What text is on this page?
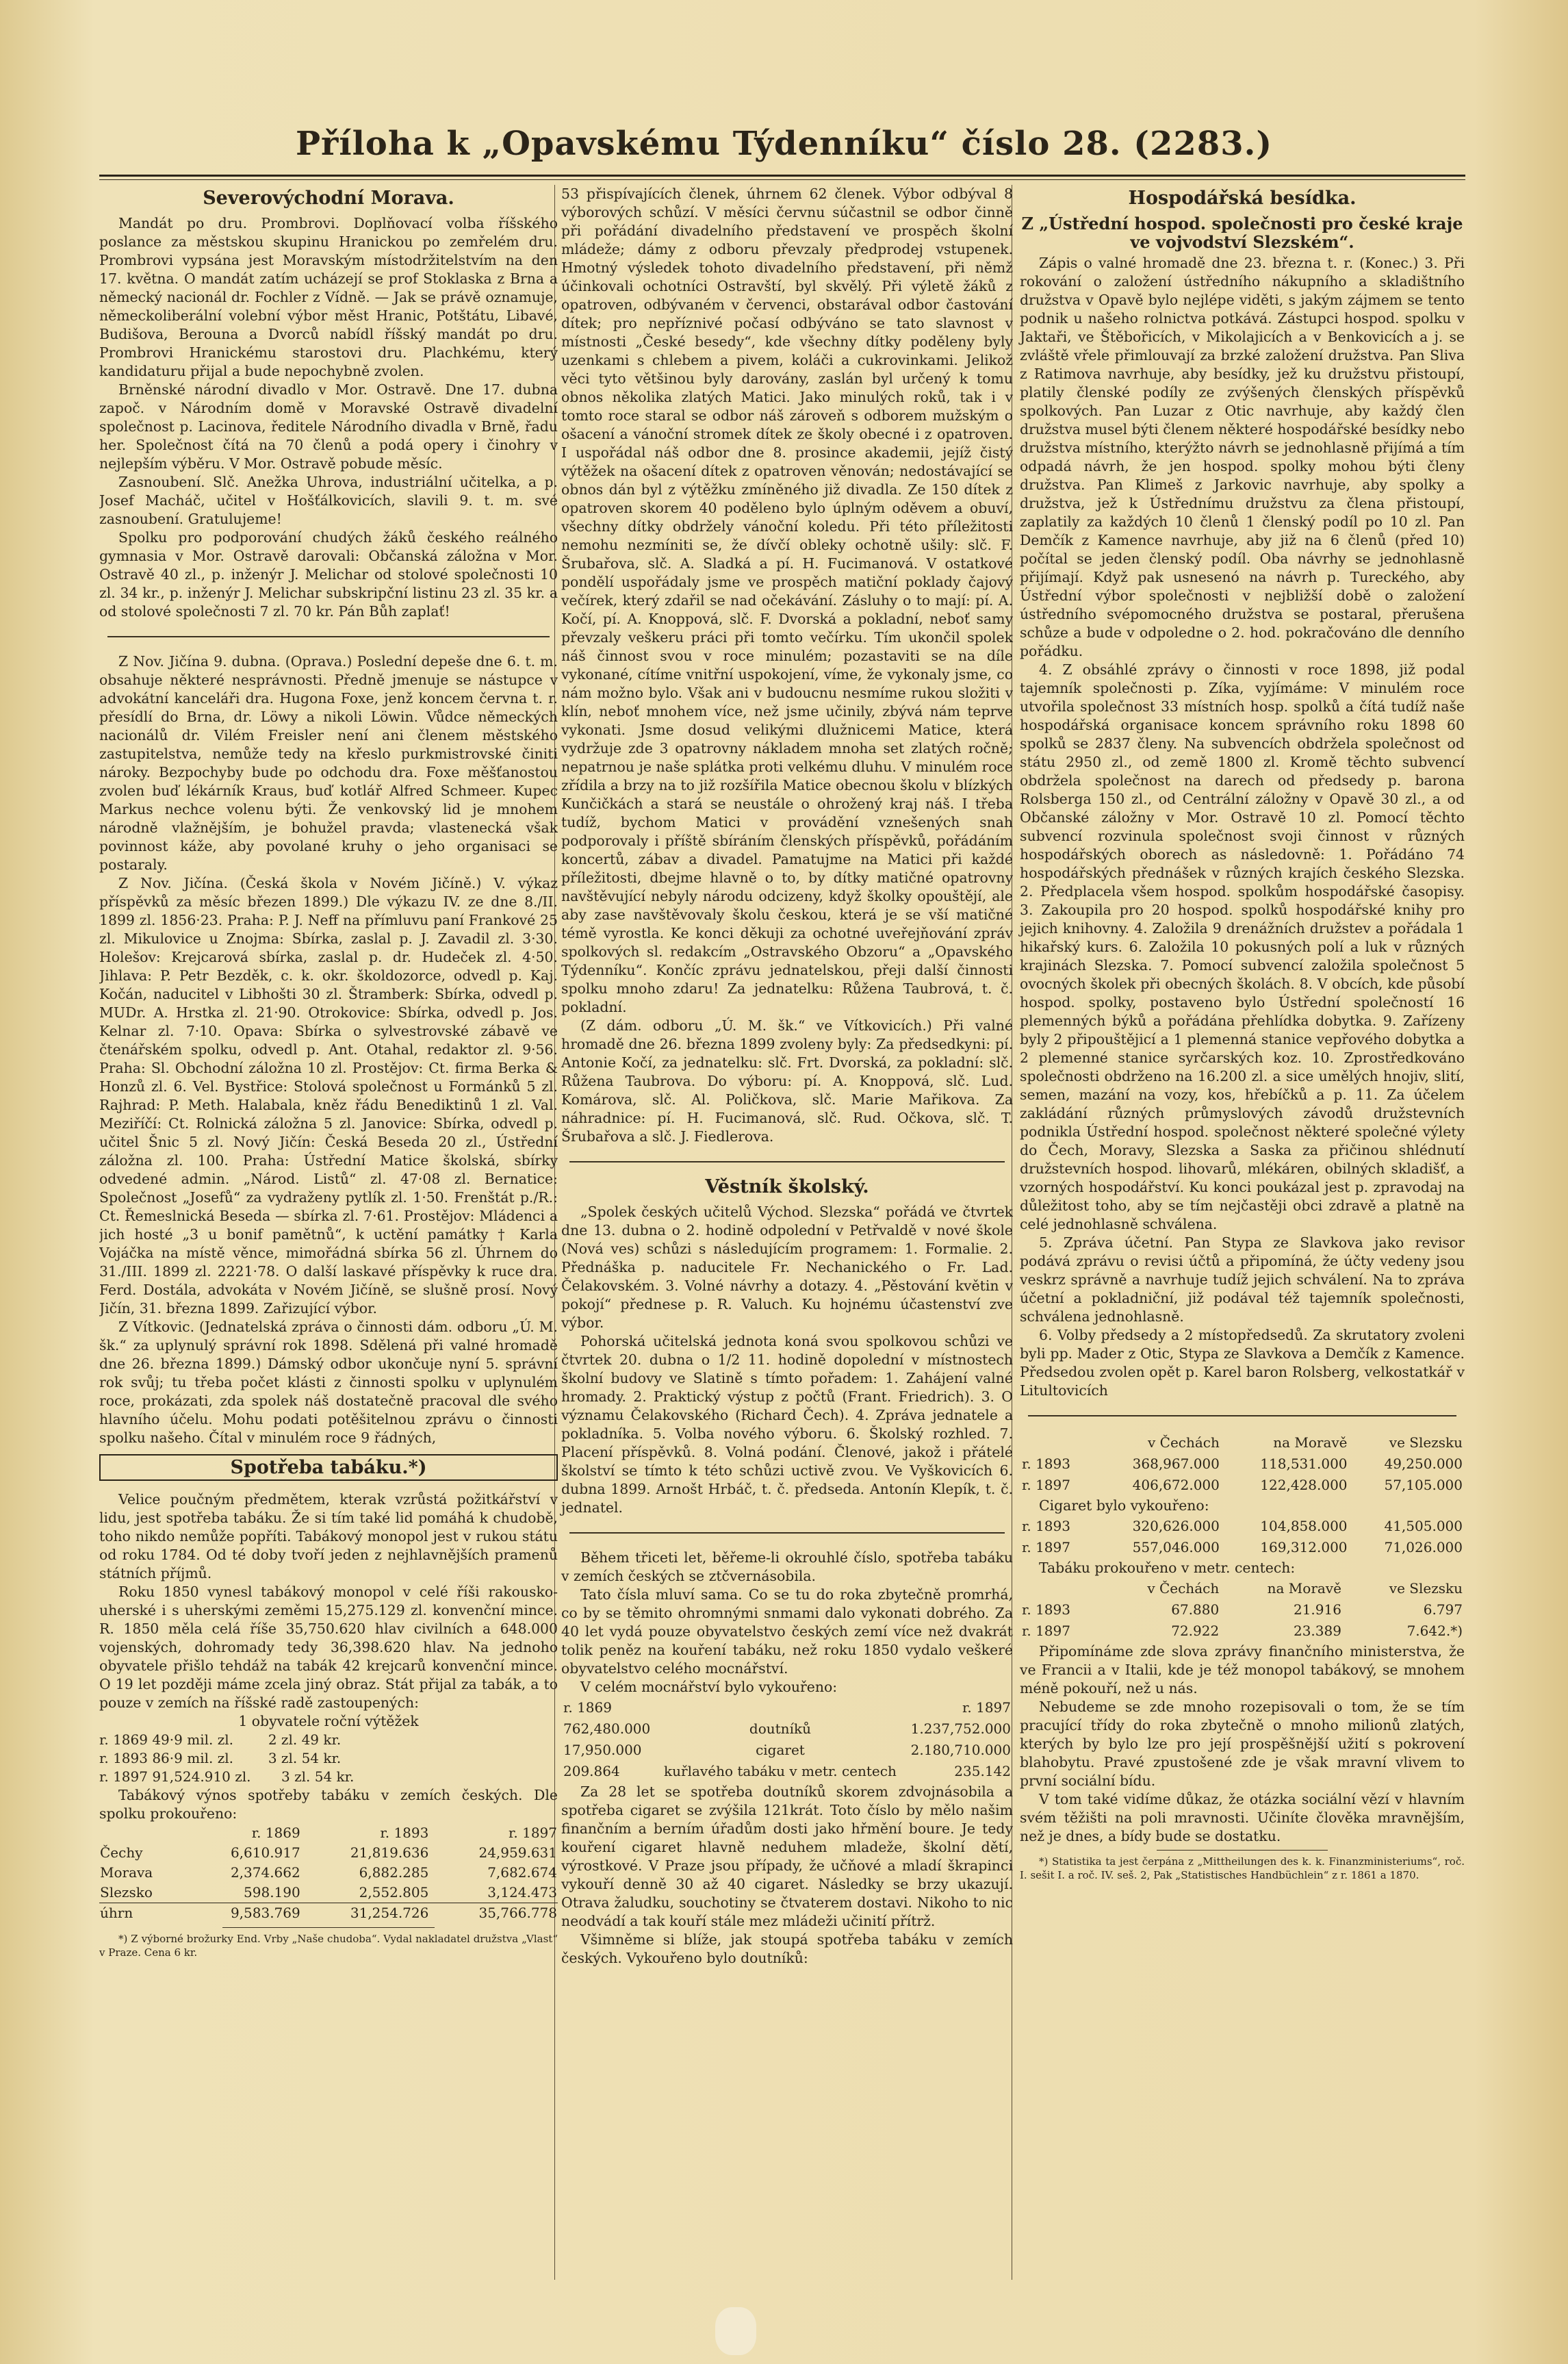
Příloha k „Opavskému Týdenníku“ číslo 28. (2283.)
Severovýchodní Morava.

Mandát po dru. Prombrovi. Doplňovací volba říšského poslance za městskou skupinu Hranickou po zemřelém dru. Prombrovi vypsána jest Moravským místodržitelstvím na den 17. května. O mandát zatím ucházejí se prof Stoklaska z Brna a německý nacionál dr. Fochler z Vídně. — Jak se právě oznamuje, německoliberální volební výbor měst Hranic, Potštátu, Libavé, Budišova, Berouna a Dvorců nabídl říšský mandát po dru. Prombrovi Hranickému starostovi dru. Plachkému, který kandidaturu přijal a bude nepochybně zvolen.

Brněnské národní divadlo v Mor. Ostravě. Dne 17. dubna započ. v Národním domě v Moravské Ostravě divadelní společnost p. Lacinova, ředitele Národního divadla v Brně, řadu her. Společnost čítá na 70 členů a podá opery i činohry v nejlepším výběru. V Mor. Ostravě pobude měsíc.

Zasnoubení. Slč. Anežka Uhrova, industriální učitelka, a p. Josef Macháč, učitel v Hošťálkovicích, slavili 9. t. m. své zasnoubení. Gratulujeme!

Spolku pro podporování chudých žáků českého reálného gymnasia v Mor. Ostravě darovali: Občanská záložna v Mor. Ostravě 40 zl., p. inženýr J. Melichar od stolové společnosti 10 zl. 34 kr., p. inženýr J. Melichar subskripční listinu 23 zl. 35 kr. a od stolové společnosti 7 zl. 70 kr. Pán Bůh zaplať!

Z Nov. Jičína 9. dubna. (Oprava.) Poslední depeše dne 6. t. m. obsahuje některé nesprávnosti. Předně jmenuje se nástupce v advokátní kanceláři dra. Hugona Foxe, jenž koncem června t. r. přesídlí do Brna, dr. Löwy a nikoli Löwin. Vůdce německých nacionálů dr. Vilém Freisler není ani členem městského zastupitelstva, nemůže tedy na křeslo purkmistrovské činiti nároky. Bezpochyby bude po odchodu dra. Foxe měšťanostou zvolen buď lékárník Kraus, buď kotlář Alfred Schmeer. Kupec Markus nechce volenu býti. Že venkovský lid je mnohem národně vlažnějším, je bohužel pravda; vlastenecká však povinnost káže, aby povolané kruhy o jeho organisaci se postaraly.

Z Nov. Jičína. (Česká škola v Novém Jičíně.) V. výkaz příspěvků za měsíc březen 1899.) Dle výkazu IV. ze dne 8./II. 1899 zl. 1856·23. Praha: P. J. Neff na přímluvu paní Frankové 25 zl. Mikulovice u Znojma: Sbírka, zaslal p. J. Zavadil zl. 3·30. Holešov: Krejcarová sbírka, zaslal p. dr. Hudeček zl. 4·50. Jihlava: P. Petr Bezděk, c. k. okr. školdozorce, odvedl p. Kaj. Kočán, naducitel v Libhošti 30 zl. Štramberk: Sbírka, odvedl p. MUDr. A. Hrstka zl. 21·90. Otrokovice: Sbírka, odvedl p. Jos. Kelnar zl. 7·10. Opava: Sbírka o sylvestrovské zábavě ve čtenářském spolku, odvedl p. Ant. Otahal, redaktor zl. 9·56. Praha: Sl. Obchodní záložna 10 zl. Prostějov: Ct. firma Berka & Honzů zl. 6. Vel. Bystřice: Stolová společnost u Formánků 5 zl. Rajhrad: P. Meth. Halabala, kněz řádu Benediktinů 1 zl. Val. Meziříčí: Ct. Rolnická záložna 5 zl. Janovice: Sbírka, odvedl p. učitel Šnic 5 zl. Nový Jičín: Česká Beseda 20 zl., Ústřední záložna zl. 100. Praha: Ústřední Matice školská, sbírky odvedené admin. „Národ. Listů“ zl. 47·08 zl. Bernatice: Společnost „Josefů“ za vydraženy pytlík zl. 1·50. Frenštát p./R.: Ct. Řemeslnická Beseda — sbírka zl. 7·61. Prostějov: Mládenci a jich hosté „3 u bonif pamětnů“, k uctění památky † Karla Vojáčka na místě věnce, mimořádná sbírka 56 zl. Úhrnem do 31./III. 1899 zl. 2221·78. O další laskavé příspěvky k ruce dra. Ferd. Dostála, advokáta v Novém Jičíně, se slušně prosí. Nový Jičín, 31. března 1899. Zařizující výbor.

Z Vítkovic. (Jednatelská zpráva o činnosti dám. odboru „Ú. M. šk.“ za uplynulý správní rok 1898. Sdělená při valné hromadě dne 26. března 1899.) Dámský odbor ukončuje nyní 5. správní rok svůj; tu třeba počet klásti z činnosti spolku v uplynulém roce, prokázati, zda spolek náš dostatečně pracoval dle svého hlavního účelu. Mohu podati potěšitelnou zprávu o činnosti spolku našeho. Čítal v minulém roce 9 řádných,

Spotřeba tabáku.*)

Velice poučným předmětem, kterak vzrůstá požitkářství v lidu, jest spotřeba tabáku. Že si tím také lid pomáhá k chudobě, toho nikdo nemůže popříti. Tabákový monopol jest v rukou státu od roku 1784. Od té doby tvoří jeden z nejhlavnějších pramenů státních příjmů.

Roku 1850 vynesl tabákový monopol v celé říši rakousko-uherské i s uherskými zeměmi 15,275.129 zl. konvenční mince. R. 1850 měla celá říše 35,750.620 hlav civilních a 648.000 vojenských, dohromady tedy 36,398.620 hlav. Na jednoho obyvatele přišlo tehdáž na tabák 42 krejcarů konvenční mince. O 19 let později máme zcela jiný obraz. Stát přijal za tabák, a to pouze v zemích na říšské radě zastoupených:

1 obyvatele roční výtěžek

r. 1869 49·9 mil. zl.        2 zl. 49 kr.
r. 1893 86·9 mil. zl.        3 zl. 54 kr.
r. 1897 91,524.910 zl.       3 zl. 54 kr.

Tabákový výnos spotřeby tabáku v zemích českých. Dle spolku prokouřeno:

	r. 1869	r. 1893	r. 1897
Čechy	6,610.917	21,819.636	24,959.631
Morava	2,374.662	6,882.285	7,682.674
Slezsko	598.190	2,552.805	3,124.473
úhrn	9,583.769	31,254.726	35,766.778

*) Z výborné brožurky End. Vrby „Naše chudoba“. Vydal nakladatel družstva „Vlast“ v Praze. Cena 6 kr.

53 přispívajících členek, úhrnem 62 členek. Výbor odbýval 8 výborových schůzí. V měsíci červnu súčastnil se odbor činně při pořádání divadelního představení ve prospěch školní mládeže; dámy z odboru převzaly předprodej vstupenek. Hmotný výsledek tohoto divadelního představení, při němž účinkovali ochotníci Ostravští, byl skvělý. Při výletě žáků z opatroven, odbývaném v červenci, obstarával odbor častování dítek; pro nepříznivé počasí odbýváno se tato slavnost v místnosti „České besedy“, kde všechny dítky poděleny byly uzenkami s chlebem a pivem, koláči a cukrovinkami. Jelikož věci tyto většinou byly darovány, zaslán byl určený k tomu obnos několika zlatých Matici. Jako minulých roků, tak i v tomto roce staral se odbor náš zároveň s odborem mužským o ošacení a vánoční stromek dítek ze školy obecné i z opatroven. I uspořádal náš odbor dne 8. prosince akademii, jejíž čistý výtěžek na ošacení dítek z opatroven věnován; nedostávající se obnos dán byl z výtěžku zmíněného již divadla. Ze 150 dítek z opatroven skorem 40 poděleno bylo úplným oděvem a obuví, všechny dítky obdržely vánoční koledu. Při této příležitosti nemohu nezmíniti se, že dívčí obleky ochotně ušily: slč. F. Šrubařova, slč. A. Sladká a pí. H. Fucimanová. V ostatkové pondělí uspořádaly jsme ve prospěch matiční poklady čajový večírek, který zdařil se nad očekávání. Zásluhy o to mají: pí. A. Kočí, pí. A. Knoppová, slč. F. Dvorská a pokladní, neboť samy převzaly veškeru práci při tomto večírku. Tím ukončil spolek náš činnost svou v roce minulém; pozastaviti se na díle vykonané, cítíme vnitřní uspokojení, víme, že vykonaly jsme, co nám možno bylo. Však ani v budoucnu nesmíme rukou složiti v klín, neboť mnohem více, než jsme učinily, zbývá nám teprve vykonati. Jsme dosud velikými dlužnicemi Matice, která vydržuje zde 3 opatrovny nákladem mnoha set zlatých ročně; nepatrnou je naše splátka proti velkému dluhu. V minulém roce zřídila a brzy na to již rozšířila Matice obecnou školu v blízkých Kunčičkách a stará se neustále o ohrožený kraj náš. I třeba tudíž, bychom Matici v provádění vznešených snah podporovaly i příště sbíráním členských příspěvků, pořádáním koncertů, zábav a divadel. Pamatujme na Matici při každé příležitosti, dbejme hlavně o to, by dítky matičné opatrovny navštěvující nebyly národu odcizeny, když školky opouštějí, ale aby zase navštěvovaly školu českou, která je se vší matičné témě vyrostla. Ke konci děkuji za ochotné uveřejňování zpráv spolkových sl. redakcím „Ostravského Obzoru“ a „Opavského Týdenníku“. Končíc zprávu jednatelskou, přeji další činnosti spolku mnoho zdaru! Za jednatelku: Růžena Taubrová, t. č. pokladní.

(Z dám. odboru „Ú. M. šk.“ ve Vítkovicích.) Při valné hromadě dne 26. března 1899 zvoleny byly: Za předsedkyni: pí. Antonie Kočí, za jednatelku: slč. Frt. Dvorská, za pokladní: slč. Růžena Taubrova. Do výboru: pí. A. Knoppová, slč. Lud. Komárova, slč. Al. Poličkova, slč. Marie Mařikova. Za náhradnice: pí. H. Fucimanová, slč. Rud. Očkova, slč. T. Šrubařova a slč. J. Fiedlerova.

Věstník školský.

„Spolek českých učitelů Východ. Slezska“ pořádá ve čtvrtek dne 13. dubna o 2. hodině odpolední v Petřvaldě v nové škole (Nová ves) schůzi s následujícím programem: 1. Formalie. 2. Přednáška p. naducitele Fr. Nechanického o Fr. Lad. Čelakovském. 3. Volné návrhy a dotazy. 4. „Pěstování květin v pokojí“ přednese p. R. Valuch. Ku hojnému účastenství zve výbor.

Pohorská učitelská jednota koná svou spolkovou schůzi ve čtvrtek 20. dubna o 1/2 11. hodině dopolední v místnostech školní budovy ve Slatině s tímto pořadem: 1. Zahájení valné hromady. 2. Praktický výstup z počtů (Frant. Friedrich). 3. O významu Čelakovského (Richard Čech). 4. Zpráva jednatele a pokladníka. 5. Volba nového výboru. 6. Školský rozhled. 7. Placení příspěvků. 8. Volná podání. Členové, jakož i přátelé školství se tímto k této schůzi uctivě zvou. Ve Vyškovicích 6. dubna 1899. Arnošt Hrbáč, t. č. předseda. Antonín Klepík, t. č. jednatel.

Během třiceti let, běřeme-li okrouhlé číslo, spotřeba tabáku v zemích českých se ztčvernásobila.

Tato čísla mluví sama. Co se tu do roka zbytečně promrhá, co by se těmito ohromnými snmami dalo vykonati dobrého. Za 40 let vydá pouze obyvatelstvo českých zemí více než dvakrát tolik peněz na kouření tabáku, než roku 1850 vydalo veškeré obyvatelstvo celého mocnářství.

V celém mocnářství bylo vykouřeno:

r. 1869		r. 1897
762,480.000	doutníků	1.237,752.000
17,950.000	cigaret	2.180,710.000
209.864	kuřlavého tabáku v metr. centech	235.142

Za 28 let se spotřeba doutníků skorem zdvojnásobila a spotřeba cigaret se zvýšila 121krát. Toto číslo by mělo našim finančním a berním úřadům dosti jako hřmění boure. Je tedy kouření cigaret hlavně neduhem mladeže, školní dětí, výrostkové. V Praze jsou případy, že učňové a mladí škrapinci vykouří denně 30 až 40 cigaret. Následky se brzy ukazují. Otrava žaludku, souchotiny se čtvaterem dostavi. Nikoho to nic neodvádí a tak kouří stále mez mládeži učinití přítrž.

Všimněme si blíže, jak stoupá spotřeba tabáku v zemích českých. Vykouřeno bylo doutníků:

Hospodářská besídka.
Z „Ústřední hospod. společnosti pro české kraje ve vojvodství Slezském“.

Zápis o valné hromadě dne 23. března t. r. (Konec.) 3. Při rokování o založení ústředního nákupního a skladištního družstva v Opavě bylo nejlépe viděti, s jakým zájmem se tento podnik u našeho rolnictva potkává. Zástupci hospod. spolku v Jaktaři, ve Štěbořicích, v Mikolajicích a v Benkovicích a j. se zvláště vřele přimlouvají za brzké založení družstva. Pan Sliva z Ratimova navrhuje, aby besídky, jež ku družstvu přistoupí, platily členské podíly ze zvýšených členských příspěvků spolkových. Pan Luzar z Otic navrhuje, aby každý člen družstva musel býti členem některé hospodářské besídky nebo družstva místního, kterýžto návrh se jednohlasně přijímá a tím odpadá návrh, že jen hospod. spolky mohou býti členy družstva. Pan Klimeš z Jarkovic navrhuje, aby spolky a družstva, jež k Ústřednímu družstvu za člena přistoupí, zaplatily za každých 10 členů 1 členský podíl po 10 zl. Pan Demčík z Kamence navrhuje, aby již na 6 členů (před 10) počítal se jeden členský podíl. Oba návrhy se jednohlasně přijímají. Když pak usnesenó na návrh p. Tureckého, aby Ústřední výbor společnosti v nejbližší době o založení ústředního svépomocného družstva se postaral, přerušena schůze a bude v odpoledne o 2. hod. pokračováno dle denního pořádku.

4. Z obsáhlé zprávy o činnosti v roce 1898, již podal tajemník společnosti p. Zíka, vyjímáme: V minulém roce utvořila společnost 33 místních hosp. spolků a čítá tudíž naše hospodářská organisace koncem správního roku 1898 60 spolků se 2837 členy. Na subvencích obdržela společnost od státu 2950 zl., od země 1800 zl. Kromě těchto subvencí obdržela společnost na darech od předsedy p. barona Rolsberga 150 zl., od Centrální záložny v Opavě 30 zl., a od Občanské záložny v Mor. Ostravě 10 zl. Pomocí těchto subvencí rozvinula společnost svoji činnost v různých hospodářských oborech as následovně: 1. Pořádáno 74 hospodářských přednášek v různých krajích českého Slezska. 2. Předplacela všem hospod. spolkům hospodářské časopisy. 3. Zakoupila pro 20 hospod. spolků hospodářské knihy pro jejich knihovny. 4. Založila 9 drenážních družstev a pořádala 1 hikařský kurs. 6. Založila 10 pokusných polí a luk v různých krajinách Slezska. 7. Pomocí subvencí založila společnost 5 ovocných školek při obecných školách. 8. V obcích, kde působí hospod. spolky, postaveno bylo Ústřední společností 16 plemenných býků a pořádána přehlídka dobytka. 9. Zařízeny byly 2 připouštějicí a 1 plemenná stanice vepřového dobytka a 2 plemenné stanice syrčarských koz. 10. Zprostředkováno společnosti obdrženo na 16.200 zl. a sice umělých hnojiv, slití, semen, mazání na vozy, kos, hřebíčků a p. 11. Za účelem zakládání různých průmyslových závodů družstevních podnikla Ústřední hospod. společnost některé společné výlety do Čech, Moravy, Slezska a Saska za přičinou shlédnutí družstevních hospod. lihovarů, mlékáren, obilných skladišť, a vzorných hospodářství. Ku konci poukázal jest p. zpravodaj na důležitost toho, aby se tím nejčastěji obci zdravě a platně na celé jednohlasně schválena.

5. Zpráva účetní. Pan Stypa ze Slavkova jako revisor podává zprávu o revisi účtů a připomíná, že účty vedeny jsou veskrz správně a navrhuje tudíž jejich schválení. Na to zpráva účetní a pokladniční, již podával též tajemník společnosti, schválena jednohlasně.

6. Volby předsedy a 2 místopředsedů. Za skrutatory zvoleni byli pp. Mader z Otic, Stypa ze Slavkova a Demčík z Kamence. Předsedou zvolen opět p. Karel baron Rolsberg, velkostatkář v Litultovicích

	v Čechách	na Moravě	ve Slezsku
r. 1893	368,967.000	118,531.000	49,250.000
r. 1897	406,672.000	122,428.000	57,105.000

Cigaret bylo vykouřeno:

r. 1893	320,626.000	104,858.000	41,505.000
r. 1897	557,046.000	169,312.000	71,026.000

Tabáku prokouřeno v metr. centech:

	v Čechách	na Moravě	ve Slezsku
r. 1893	67.880	21.916	6.797
r. 1897	72.922	23.389	7.642.*)

Připomínáme zde slova zprávy finančního ministerstva, že ve Francii a v Italii, kde je též monopol tabákový, se mnohem méně pokouří, než u nás.

Nebudeme se zde mnoho rozepisovali o tom, že se tím pracující třídy do roka zbytečně o mnoho milionů zlatých, kterých by bylo lze pro její prospěšnější užití s pokrovení blahobytu. Pravé zpustošené zde je však mravní vlivem to první sociální bídu.

V tom také vidíme důkaz, že otázka sociální vězí v hlavním svém těžišti na poli mravnosti. Učiníte člověka mravnějším, než je dnes, a bídy bude se dostatku.

*) Statistika ta jest čerpána z „Mittheilungen des k. k. Finanzministeriums“, roč. I. sešit I. a roč. IV. seš. 2, Pak „Statistisches Handbüchlein“ z r. 1861 a 1870.
